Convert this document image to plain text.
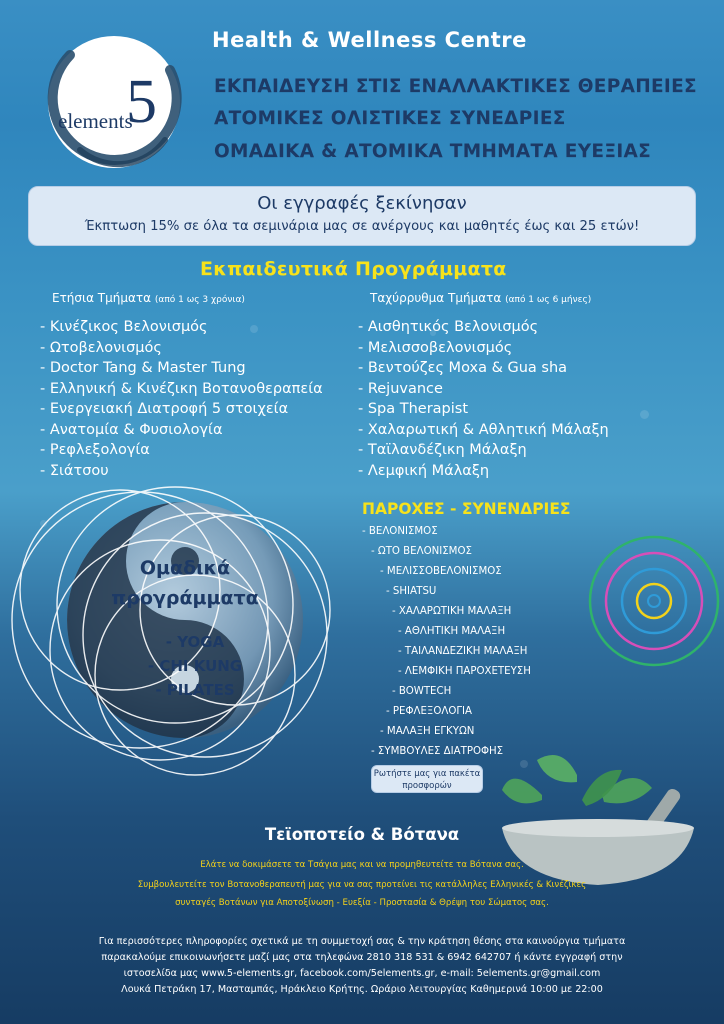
5
elements
Health & Wellness Centre
ΕΚΠΑΙΔΕΥΣΗ ΣΤΙΣ ΕΝΑΛΛΑΚΤΙΚΕΣ ΘΕΡΑΠΕΙΕΣ
ΑΤΟΜΙΚΕΣ ΟΛΙΣΤΙΚΕΣ ΣΥΝΕΔΡΙΕΣ
ΟΜΑΔΙΚΑ & ΑΤΟΜΙΚΑ ΤΜΗΜΑΤΑ ΕΥΕΞΙΑΣ
Οι εγγραφές ξεκίνησαν
Έκπτωση 15% σε όλα τα σεμινάρια μας σε ανέργους και μαθητές έως και 25 ετών!
Εκπαιδευτικά Προγράμματα
Ετήσια Τμήματα (από 1 ως 3 χρόνια)
- Κινέζικος Βελονισμός
- Ωτοβελονισμός
- Doctor Tang & Master Tung
- Ελληνική & Κινέζικη Βοτανοθεραπεία
- Ενεργειακή Διατροφή 5 στοιχεία
- Ανατομία & Φυσιολογία
- Ρεφλεξολογία
- Σιάτσου
Ταχύρρυθμα Τμήματα (από 1 ως 6 μήνες)
- Αισθητικός Βελονισμός
- Μελισσοβελονισμός
- Βεντούζες Moxa & Gua sha
- Rejuvance
- Spa Therapist
- Χαλαρωτική & Αθλητική Μάλαξη
- Ταϊλανδέζικη Μάλαξη
- Λεμφική Μάλαξη
Ομαδικά
προγράμματα
- YOGA
- CHI KUNG
- PILATES
ΠΑΡΟΧΕΣ - ΣΥΝΕΝΔΡΙΕΣ
- ΒΕΛΟΝΙΣΜΟΣ
- ΩΤΟ ΒΕΛΟΝΙΣΜΟΣ
- ΜΕΛΙΣΣΟΒΕΛΟΝΙΣΜΟΣ
- SHIATSU
- ΧΑΛΑΡΩΤΙΚΗ ΜΑΛΑΞΗ
- ΑΘΛΗΤΙΚΗ ΜΑΛΑΞΗ
- ΤΑΙΛΑΝΔΕΖΙΚΗ ΜΑΛΑΞΗ
- ΛΕΜΦΙΚΗ ΠΑΡΟΧΕΤΕΥΣΗ
- BOWTECH
- ΡΕΦΛΕΞΟΛΟΓΙΑ
- ΜΑΛΑΞΗ ΕΓΚΥΩΝ
- ΣΥΜΒΟΥΛΕΣ ΔΙΑΤΡΟΦΗΣ
Ρωτήστε μας για πακέτα
προσφορών
Τεϊοποτείο & Βότανα
Ελάτε να δοκιμάσετε τα Τσάγια μας και να προμηθευτείτε τα Βότανα σας.
Συμβουλευτείτε τον Βοτανοθεραπευτή μας για να σας προτείνει τις κατάλληλες Ελληνικές & Κινέζικες
συνταγές Βοτάνων για Αποτοξίνωση - Ευεξία - Προστασία & Θρέψη του Σώματος σας.
Για περισσότερες πληροφορίες σχετικά με τη συμμετοχή σας & την κράτηση θέσης στα καινούργια τμήματα
παρακαλούμε επικοινωνήσετε μαζί μας στα τηλεφώνα 2810 318 531 & 6942 642707 ή κάντε εγγραφή στην
ιστοσελίδα μας www.5-elements.gr, facebook.com/5elements.gr, e-mail: 5elements.gr@gmail.com
Λουκά Πετράκη 17, Μασταμπάς, Ηράκλειο Κρήτης. Ωράριο λειτουργίας Καθημερινά 10:00 με 22:00
